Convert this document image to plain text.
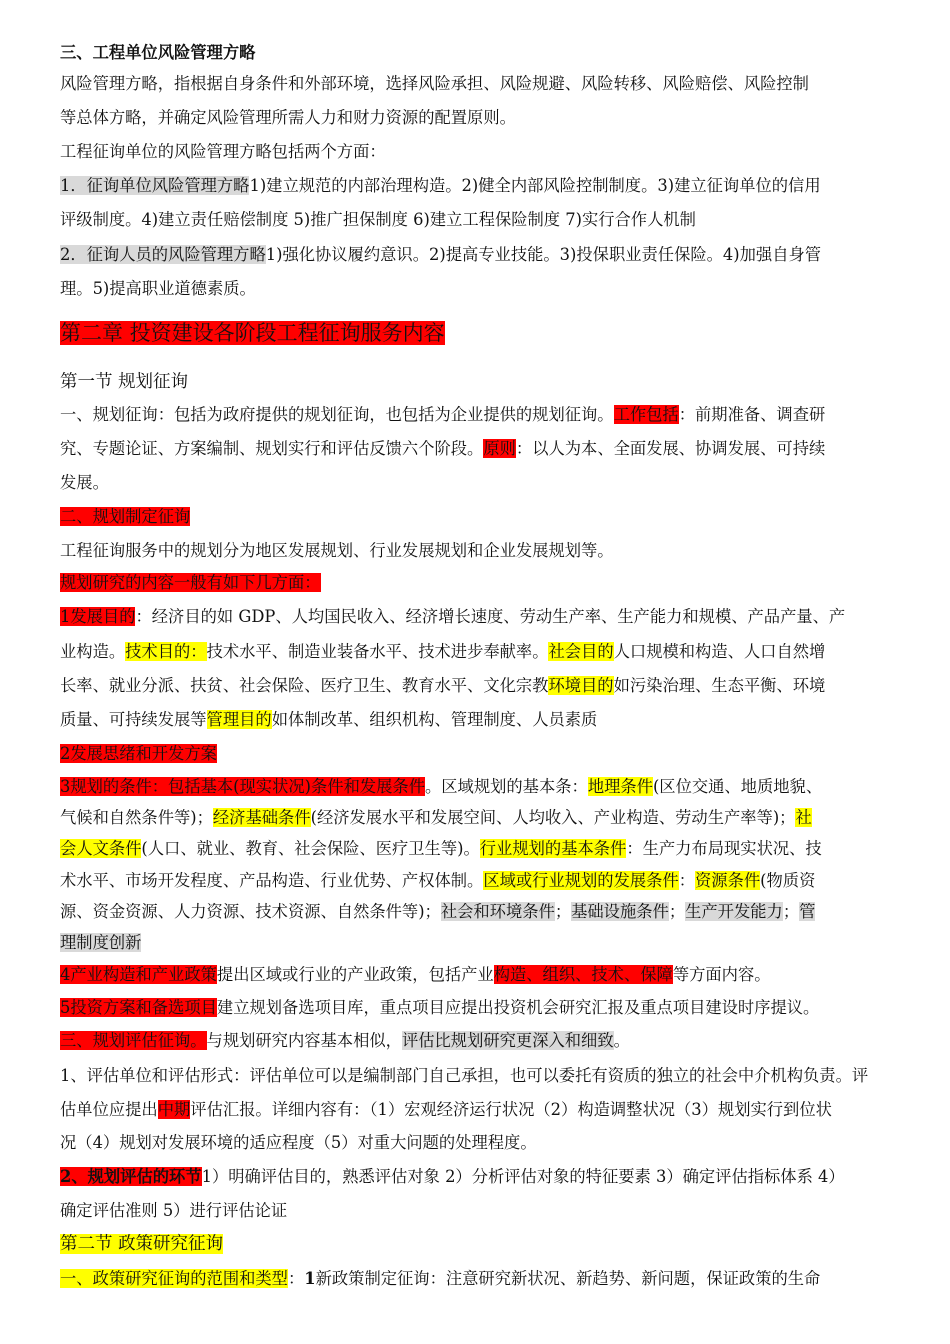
三、工程单位风险管理方略
风险管理方略，指根据自身条件和外部环境，选择风险承担、风险规避、风险转移、风险赔偿、风险控制
等总体方略，并确定风险管理所需人力和财力资源的配置原则。
工程征询单位的风险管理方略包括两个方面：
1．征询单位风险管理方略1)建立规范的内部治理构造。2)健全内部风险控制制度。3)建立征询单位的信用
评级制度。4)建立责任赔偿制度 5)推广担保制度 6)建立工程保险制度 7)实行合作人机制
2．征询人员的风险管理方略1)强化协议履约意识。2)提高专业技能。3)投保职业责任保险。4)加强自身管
理。5)提高职业道德素质。
第二章 投资建设各阶段工程征询服务内容
第一节 规划征询
一、规划征询：包括为政府提供的规划征询，也包括为企业提供的规划征询。工作包括：前期准备、调查研
究、专题论证、方案编制、规划实行和评估反馈六个阶段。原则：以人为本、全面发展、协调发展、可持续
发展。
二、规划制定征询
工程征询服务中的规划分为地区发展规划、行业发展规划和企业发展规划等。
规划研究的内容一般有如下几方面：
1发展目的：经济目的如 GDP、人均国民收入、经济增长速度、劳动生产率、生产能力和规模、产品产量、产
业构造。技术目的：技术水平、制造业装备水平、技术进步奉献率。社会目的人口规模和构造、人口自然增
长率、就业分派、扶贫、社会保险、医疗卫生、教育水平、文化宗教环境目的如污染治理、生态平衡、环境
质量、可持续发展等管理目的如体制改革、组织机构、管理制度、人员素质
2发展思绪和开发方案
3规划的条件：包括基本(现实状况)条件和发展条件。区域规划的基本条：地理条件(区位交通、地质地貌、
气候和自然条件等)；经济基础条件(经济发展水平和发展空间、人均收入、产业构造、劳动生产率等)；社
会人文条件(人口、就业、教育、社会保险、医疗卫生等)。行业规划的基本条件：生产力布局现实状况、技
术水平、市场开发程度、产品构造、行业优势、产权体制。区域或行业规划的发展条件：资源条件(物质资
源、资金资源、人力资源、技术资源、自然条件等)；社会和环境条件；基础设施条件；生产开发能力；管
理制度创新
4产业构造和产业政策提出区域或行业的产业政策，包括产业构造、组织、技术、保障等方面内容。
5投资方案和备选项目建立规划备选项目库，重点项目应提出投资机会研究汇报及重点项目建设时序提议。
三、规划评估征询。与规划研究内容基本相似，评估比规划研究更深入和细致。
1、评估单位和评估形式：评估单位可以是编制部门自己承担，也可以委托有资质的独立的社会中介机构负责。评
估单位应提出中期评估汇报。详细内容有：（1）宏观经济运行状况（2）构造调整状况（3）规划实行到位状
况（4）规划对发展环境的适应程度（5）对重大问题的处理程度。
2、规划评估的环节1）明确评估目的，熟悉评估对象 2）分析评估对象的特征要素 3）确定评估指标体系 4）
确定评估准则 5）进行评估论证
第二节 政策研究征询
一、政策研究征询的范围和类型：1新政策制定征询：注意研究新状况、新趋势、新问题，保证政策的生命
